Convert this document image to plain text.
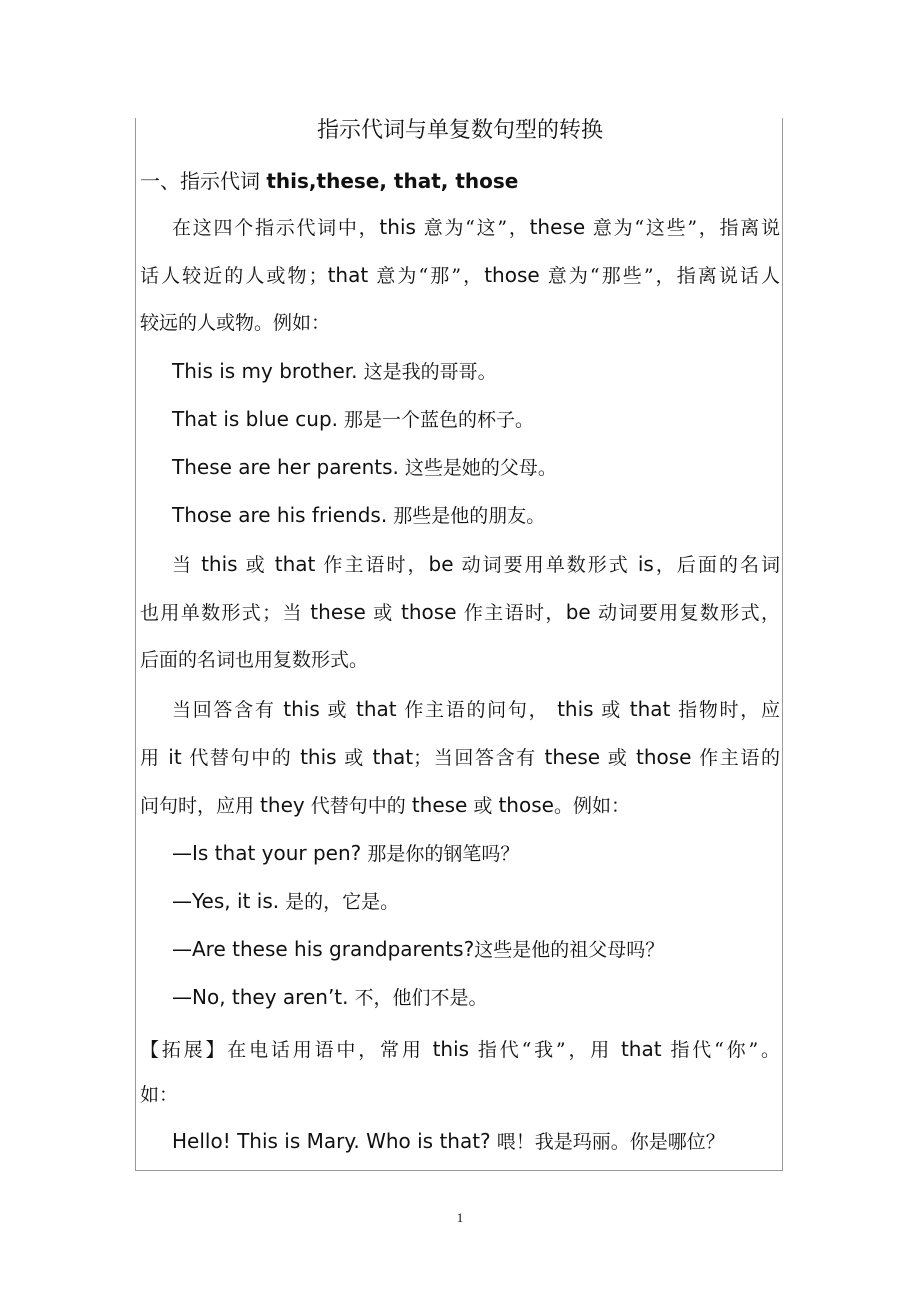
指示代词与单复数句型的转换
一、指示代词 this,these, that, those
在这四个指示代词中，this 意为“这”，these 意为“这些”，指离说
话人较近的人或物；that 意为“那”，those 意为“那些”，指离说话人
较远的人或物。例如：
This is my brother. 这是我的哥哥。
That is blue cup. 那是一个蓝色的杯子。
These are her parents. 这些是她的父母。
Those are his friends. 那些是他的朋友。
当 this 或 that 作主语时，be 动词要用单数形式 is，后面的名词
也用单数形式；当 these 或 those 作主语时，be 动词要用复数形式，
后面的名词也用复数形式。
当回答含有 this 或 that 作主语的问句， this 或 that 指物时，应
用 it 代替句中的 this 或 that；当回答含有 these 或 those 作主语的
问句时，应用 they 代替句中的 these 或 those。例如：
—Is that your pen? 那是你的钢笔吗？
—Yes, it is. 是的，它是。
—Are these his grandparents?这些是他的祖父母吗？
—No, they aren’t. 不，他们不是。
【拓展】在电话用语中，常用 this 指代“我”，用 that 指代“你”。
如：
Hello! This is Mary. Who is that? 喂！我是玛丽。你是哪位？
1
